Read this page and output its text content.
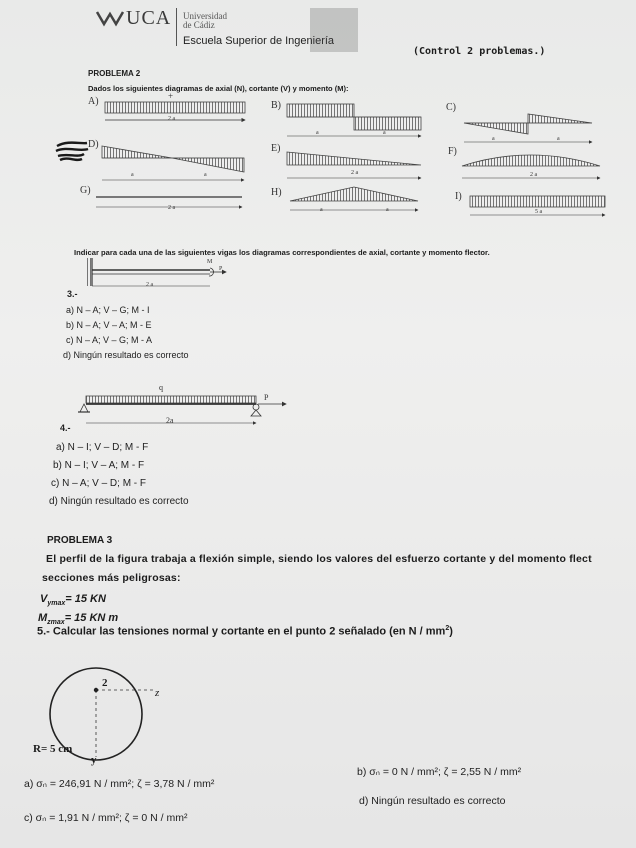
UCA Universidad
de Cádiz
Escuela Superior de Ingeniería
(Control 2 problemas.)
PROBLEMA 2
Dados los siguientes diagramas de axial (N), cortante (V) y momento (M):
A)	+
2 a
B)
a	a
C)
a	a
D)
a	a
E)
2 a
F)
2 a
G)
2 a
H)
a	a
I)
5 a
Indicar para cada una de las siguientes vigas los diagramas correspondientes de axial, cortante y momento flector.
M
P
2 a
3.-
a) N – A; V – G; M - I
b) N – A; V – A; M - E
c) N – A; V – G; M - A
d) Ningún resultado es correcto
q
P
2a
4.-
a) N – I; V – D; M - F
b) N – I; V – A; M - F
c) N – A; V – D; M - F
d) Ningún resultado es correcto
PROBLEMA 3
El perfil de la figura trabaja a flexión simple, siendo los valores del esfuerzo cortante y del momento flect
secciones más peligrosas:
$V_{ymax}= 15$ KN
$M_{zmax}= 15$ KN m
5.- Calcular las tensiones normal y cortante en el punto 2 señalado (en N / $mm^2$)
2
z
y
R= 5 cm
a) σₙ = 246,91 N / mm²; ζ = 3,78 N / mm²
b) σₙ = 0 N / mm²; ζ = 2,55 N / mm²
c) σₙ = 1,91 N / mm²; ζ = 0 N / mm²
d) Ningún resultado es correcto
